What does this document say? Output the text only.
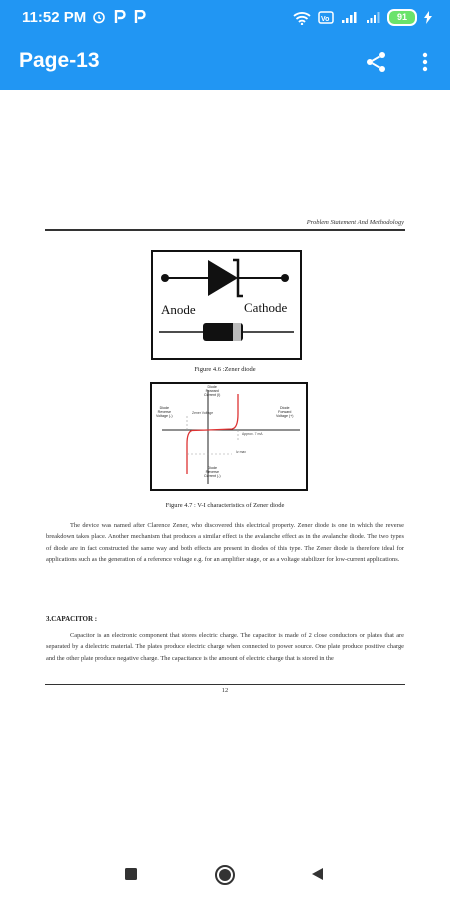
11:52 PM	Vo	91
Page-13
Problem Statement And Methodology
Anode	Cathode
Figure 4.6 :Zener diode
Diode
Forward
Current (I)
Diode
Reverse
Voltage (-)
Diode
Forward
Voltage (+)
Diode
Reverse
Current (-)
Zener Voltage
Approx. 7 mA
Iz max
Figure 4.7 : V-I characteristics of Zener diode
The device was named after Clarence Zener, who discovered this electrical property. Zener diode is one in which the reverse breakdown takes place. Another mechanism that produces a similar effect is the avalanche effect as in the avalanche diode. The two types of diode are in fact constructed the same way and both effects are present in diodes of this type. The Zener diode is therefore ideal for applications such as the generation of a reference voltage e.g. for an amplifier stage, or as a voltage stabilizer for low-current applications.
3.CAPACITOR :
Capacitor is an electronic component that stores electric charge. The capacitor is made of 2 close conductors or plates that are separated by a dielectric material. The plates produce electric charge when connected to power source. One plate produce positive charge and the other plate produce negative charge. The capacitance is the amount of electric charge that is stored in the
12
